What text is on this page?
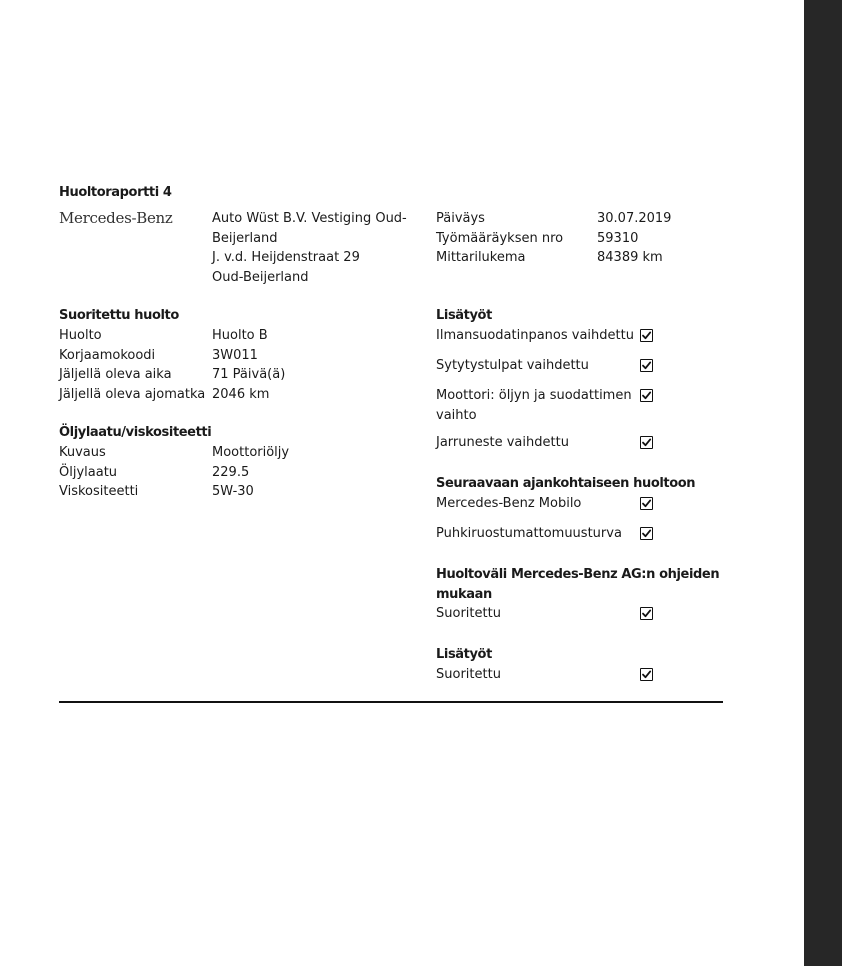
Huoltoraportti 4
Mercedes-Benz	Auto Wüst B.V. Vestiging Oud-
Beijerland
J. v.d. Heijdenstraat 29
Oud-Beijerland
Päiväys
Työmääräyksen nro
Mittarilukema
30.07.2019
59310
84389 km
Suoritettu huolto
Huolto
Korjaamokoodi
Jäljellä oleva aika
Jäljellä oleva ajomatka
Huolto B
3W011
71 Päivä(ä)
2046 km
Öljylaatu/viskositeetti
Kuvaus
Öljylaatu
Viskositeetti
Moottoriöljy
229.5
5W-30
Lisätyöt
Ilmansuodatinpanos vaihdettu
Sytytystulpat vaihdettu
Moottori: öljyn ja suodattimen
vaihto
Jarruneste vaihdettu
Seuraavaan ajankohtaiseen huoltoon
Mercedes-Benz Mobilo
Puhkiruostumattomuusturva
Huoltoväli Mercedes-Benz AG:n ohjeiden
mukaan
Suoritettu
Lisätyöt
Suoritettu
